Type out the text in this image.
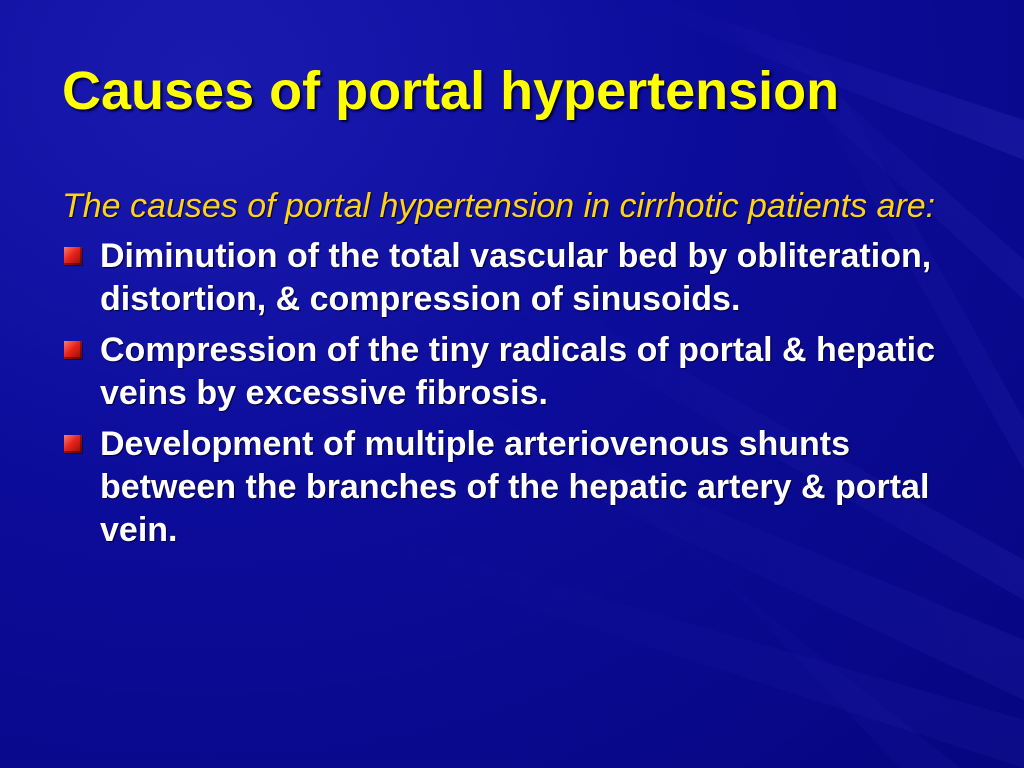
Causes of portal hypertension

The causes of portal hypertension in cirrhotic patients are:

Diminution of the total vascular bed by obliteration, distortion, & compression of sinusoids.
Compression of the tiny radicals of portal & hepatic veins by excessive fibrosis.
Development of multiple arteriovenous shunts between the branches of the hepatic artery & portal vein.
